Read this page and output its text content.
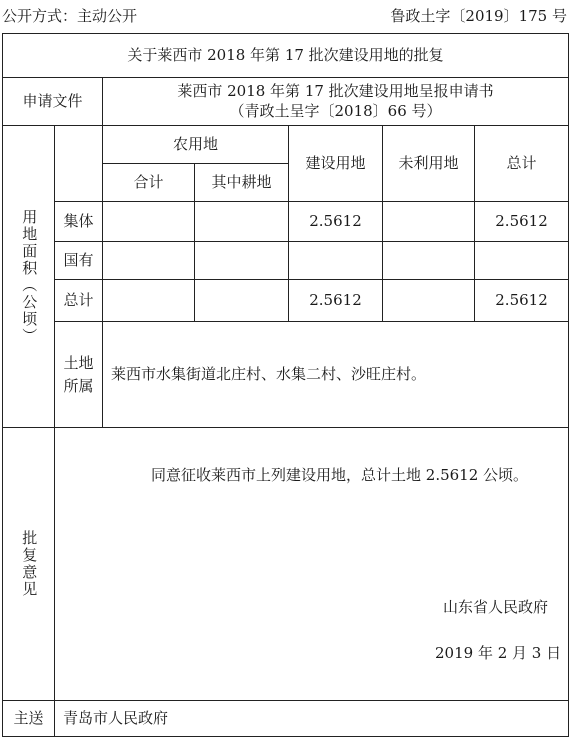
公开方式：主动公开	鲁政土字〔2019〕175 号
关于莱西市 2018 年第 17 批次建设用地的批复						
申请文件		莱西市 2018 年第 17 批次建设用地呈报申请书
（青政土呈字〔2018〕66 号）				

用地面积（公顷）		农用地		建设用地	未利用地	总计
		合计	其中耕地			
	集体			2.5612		2.5612
	国有					
	总计			2.5612		2.5612

	土地所属	莱西市水集街道北庄村、水集二村、沙旺庄村。				

批复意见	同意征收莱西市上列建设用地，总计土地 2.5612 公顷。
山东省人民政府
2019 年 2 月 3 日					

主送	青岛市人民政府					
